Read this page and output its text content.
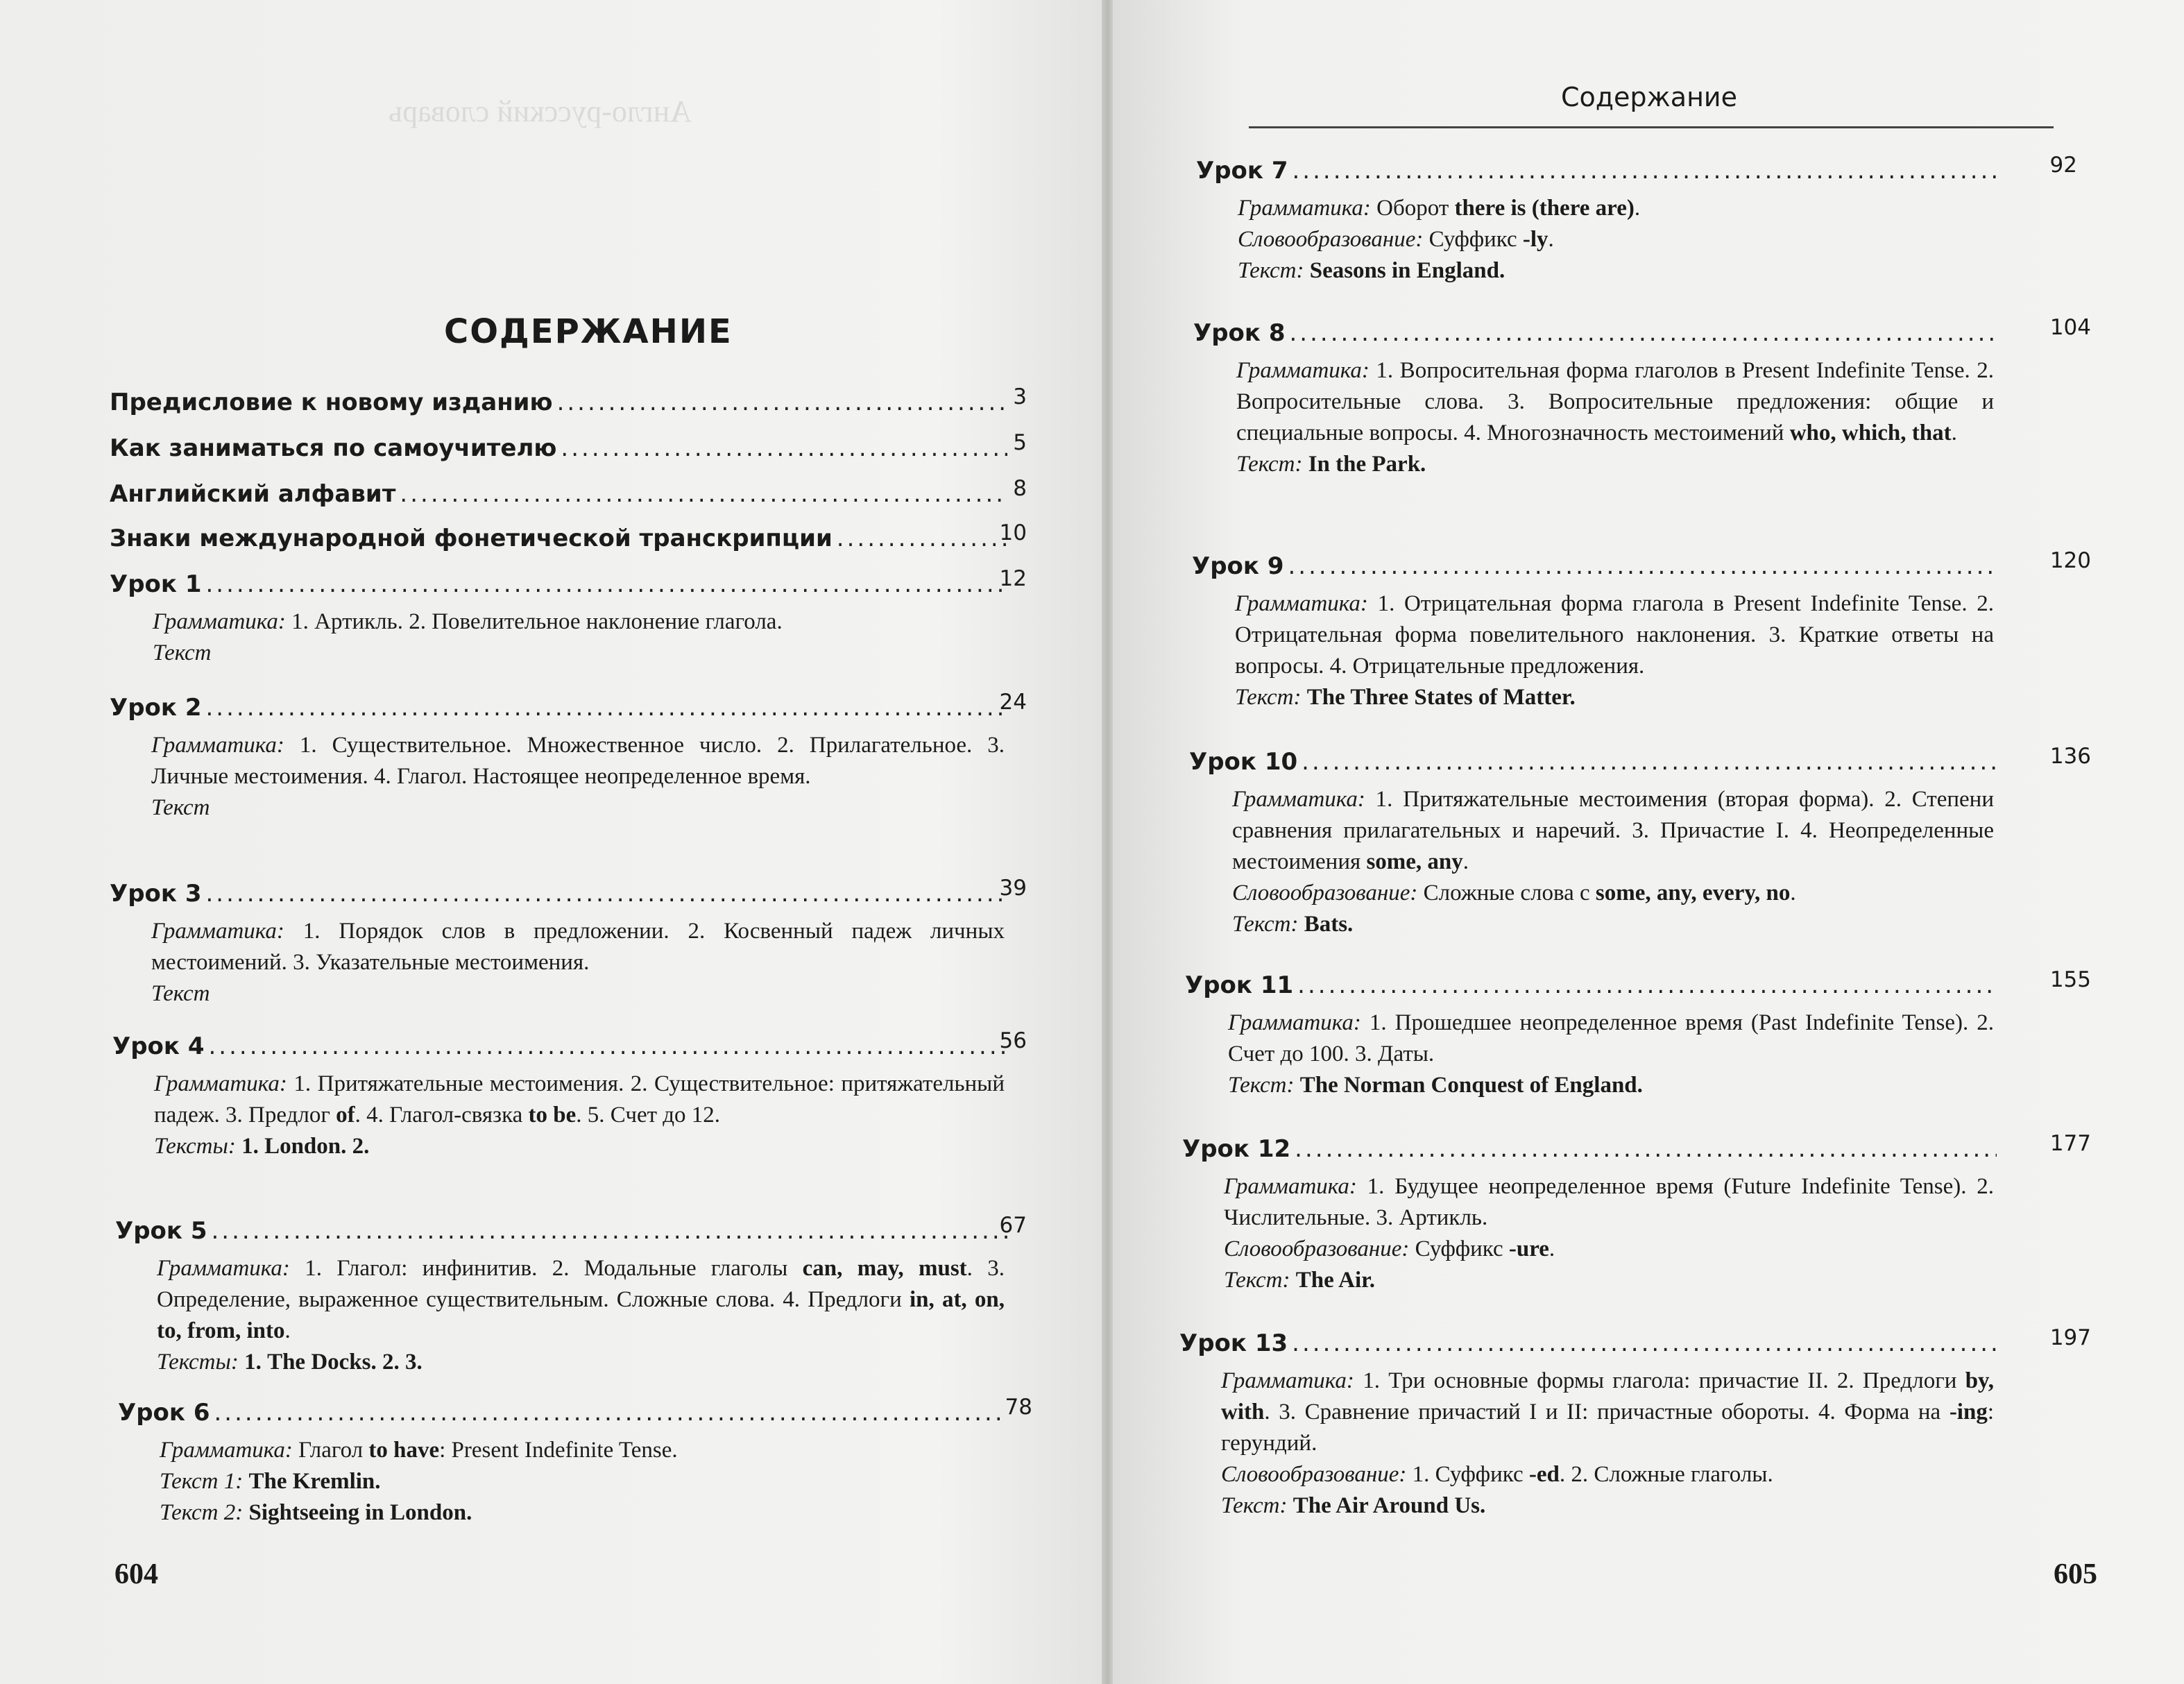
Англо-русский словарь
СОДЕРЖАНИЕ
Предисловие к новому изданию .....	3
Как заниматься по самоучителю .....	5
Английский алфавит .....	8
Знаки международной фонетической транскрипции .....	10
Урок 1 .....	12
Грамматика: 1. Артикль. 2. Повелительное наклонение глагола.
Текст
Урок 2 .....	24
Грамматика: 1. Существительное. Множественное число. 2. Прилагательное. 3. Личные местоимения. 4. Глагол. Настоящее неопределенное время.
Текст
Урок 3 .....	39
Грамматика: 1. Порядок слов в предложении. 2. Косвенный падеж личных местоимений. 3. Указательные местоимения.
Текст
Урок 4 .....	56
Грамматика: 1. Притяжательные местоимения. 2. Существительное: притяжательный падеж. 3. Предлог of. 4. Глагол-связка to be. 5. Счет до 12.
Тексты: 1. London. 2.
Урок 5 .....	67
Грамматика: 1. Глагол: инфинитив. 2. Модальные глаголы can, may, must. 3. Определение, выраженное существительным. Сложные слова. 4. Предлоги in, at, on, to, from, into.
Тексты: 1. The Docks. 2. 3.
Урок 6 .....	78
Грамматика: Глагол to have: Present Indefinite Tense.
Текст 1: The Kremlin.
Текст 2: Sightseeing in London.
604
Урок 7 .....	92
Грамматика: Оборот there is (there are).
Словообразование: Суффикс -ly.
Текст: Seasons in England.
Урок 8 .....	104
Грамматика: 1. Вопросительная форма глаголов в Present Indefinite Tense. 2. Вопросительные слова. 3. Вопросительные предложения: общие и специальные вопросы. 4. Многозначность местоимений who, which, that.
Текст: In the Park.
Урок 9 .....	120
Грамматика: 1. Отрицательная форма глагола в Present Indefinite Tense. 2. Отрицательная форма повелительного наклонения. 3. Краткие ответы на вопросы. 4. Отрицательные предложения.
Текст: The Three States of Matter.
Урок 10 .....	136
Грамматика: 1. Притяжательные местоимения (вторая форма). 2. Степени сравнения прилагательных и наречий. 3. Причастие I. 4. Неопределенные местоимения some, any.
Словообразование: Сложные слова с some, any, every, no.
Текст: Bats.
Урок 11 .....	155
Грамматика: 1. Прошедшее неопределенное время (Past Indefinite Tense). 2. Счет до 100. 3. Даты.
Текст: The Norman Conquest of England.
Урок 12 .....	177
Грамматика: 1. Будущее неопределенное время (Future Indefinite Tense). 2. Числительные. 3. Артикль.
Словообразование: Суффикс -ure.
Текст: The Air.
Урок 13 .....	197
Грамматика: 1. Три основные формы глагола: причастие II. 2. Предлоги by, with. 3. Сравнение причастий I и II: причастные обороты. 4. Форма на -ing: герундий.
Словообразование: 1. Суффикс -ed. 2. Сложные глаголы.
Текст: The Air Around Us.
605
Содержание
